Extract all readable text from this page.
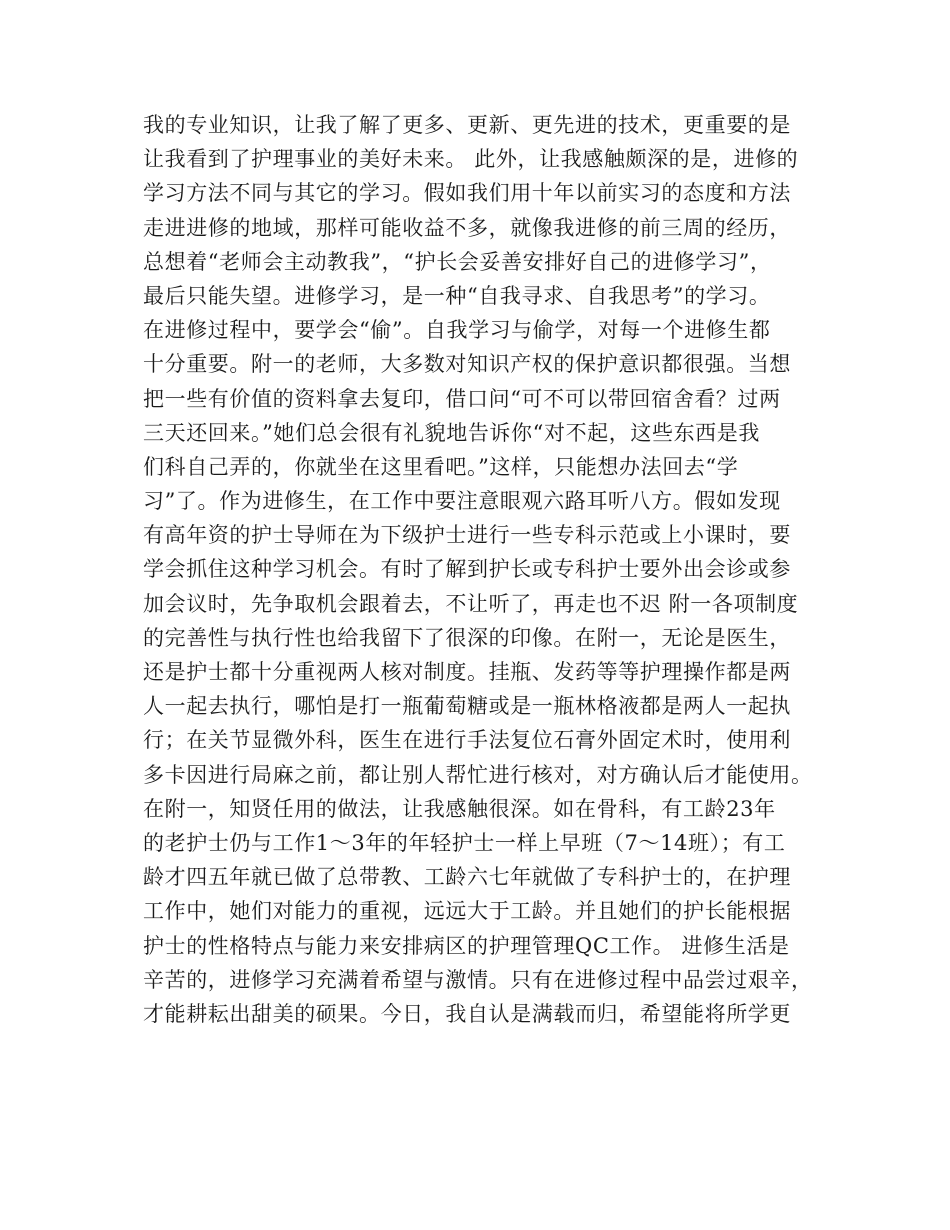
我的专业知识，让我了解了更多、更新、更先进的技术，更重要的是
让我看到了护理事业的美好未来。 此外，让我感触颇深的是，进修的
学习方法不同与其它的学习。假如我们用十年以前实习的态度和方法
走进进修的地域，那样可能收益不多，就像我进修的前三周的经历，
总想着“老师会主动教我”，“护长会妥善安排好自己的进修学习”，
最后只能失望。进修学习，是一种“自我寻求、自我思考”的学习。
在进修过程中，要学会“偷”。自我学习与偷学，对每一个进修生都
十分重要。附一的老师，大多数对知识产权的保护意识都很强。当想
把一些有价值的资料拿去复印，借口问“可不可以带回宿舍看？过两
三天还回来。”她们总会很有礼貌地告诉你“对不起，这些东西是我
们科自己弄的，你就坐在这里看吧。”这样，只能想办法回去“学
习”了。作为进修生，在工作中要注意眼观六路耳听八方。假如发现
有高年资的护士导师在为下级护士进行一些专科示范或上小课时，要
学会抓住这种学习机会。有时了解到护长或专科护士要外出会诊或参
加会议时，先争取机会跟着去，不让听了，再走也不迟 附一各项制度
的完善性与执行性也给我留下了很深的印像。在附一，无论是医生，
还是护士都十分重视两人核对制度。挂瓶、发药等等护理操作都是两
人一起去执行，哪怕是打一瓶葡萄糖或是一瓶林格液都是两人一起执
行；在关节显微外科，医生在进行手法复位石膏外固定术时，使用利
多卡因进行局麻之前，都让别人帮忙进行核对，对方确认后才能使用。
在附一，知贤任用的做法，让我感触很深。如在骨科，有工龄23年
的老护士仍与工作1～3年的年轻护士一样上早班（7～14班）；有工
龄才四五年就已做了总带教、工龄六七年就做了专科护士的，在护理
工作中，她们对能力的重视，远远大于工龄。并且她们的护长能根据
护士的性格特点与能力来安排病区的护理管理QC工作。 进修生活是
辛苦的，进修学习充满着希望与激情。只有在进修过程中品尝过艰辛，
才能耕耘出甜美的硕果。今日，我自认是满载而归，希望能将所学更
